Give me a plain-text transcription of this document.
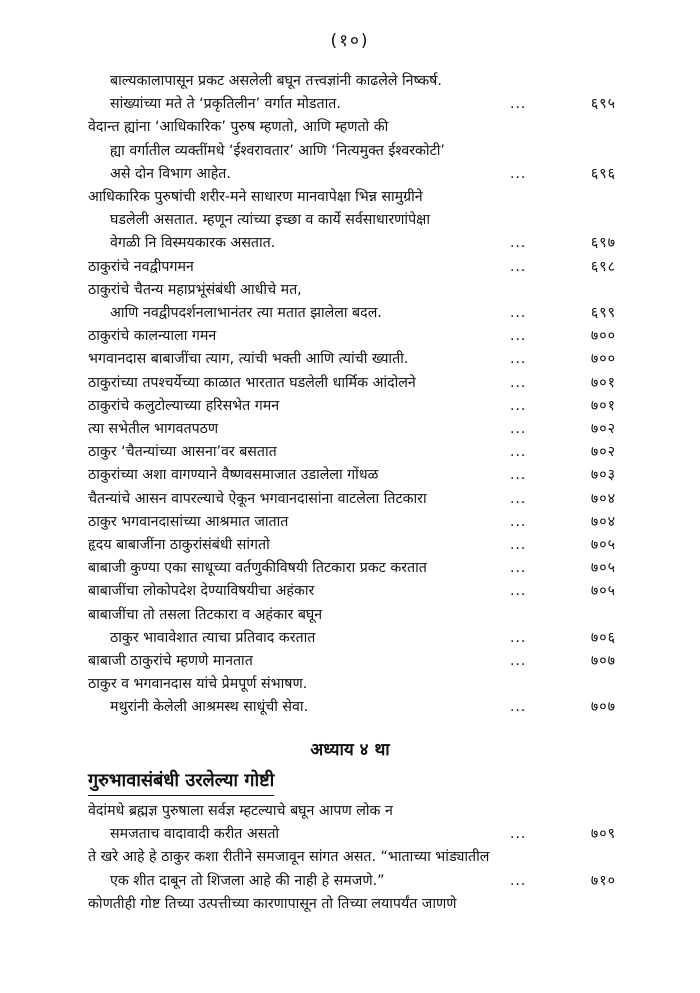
(१०)
बाल्यकालापासून प्रकट असलेली बघून तत्त्वज्ञांनी काढलेले निष्कर्ष.
सांख्यांच्या मते ते ‘प्रकृतिलीन’ वर्गात मोडतात.	...	६९५
वेदान्त ह्यांना ‘आधिकारिक’ पुरुष म्हणतो, आणि म्हणतो की
ह्या वर्गातील व्यक्तींमधे ‘ईश्वरावतार’ आणि ‘नित्यमुक्त ईश्वरकोटी’
असे दोन विभाग आहेत.	...	६९६
आधिकारिक पुरुषांची शरीर-मने साधारण मानवापेक्षा भिन्न सामुग्रीने
घडलेली असतात. म्हणून त्यांच्या इच्छा व कार्ये सर्वसाधारणांपेक्षा
वेगळी नि विस्मयकारक असतात.	...	६९७
ठाकुरांचे नवद्वीपगमन	...	६९८
ठाकुरांचे चैतन्य महाप्रभूंसंबंधी आधीचे मत,
आणि नवद्वीपदर्शनलाभानंतर त्या मतात झालेला बदल.	...	६९९
ठाकुरांचे कालन्याला गमन	...	७००
भगवानदास बाबाजींचा त्याग, त्यांची भक्ती आणि त्यांची ख्याती.	...	७००
ठाकुरांच्या तपश्चर्येच्या काळात भारतात घडलेली धार्मिक आंदोलने	...	७०१
ठाकुरांचे कलुटोल्याच्या हरिसभेत गमन	...	७०१
त्या सभेतील भागवतपठण	...	७०२
ठाकुर ‘चैतन्यांच्या आसना’वर बसतात	...	७०२
ठाकुरांच्या अशा वागण्याने वैष्णवसमाजात उडालेला गोंधळ	...	७०३
चैतन्यांचे आसन वापरल्याचे ऐकून भगवानदासांना वाटलेला तिटकारा	...	७०४
ठाकुर भगवानदासांच्या आश्रमात जातात	...	७०४
हृदय बाबाजींना ठाकुरांसंबंधी सांगतो	...	७०५
बाबाजी कुण्या एका साधूच्या वर्तणुकीविषयी तिटकारा प्रकट करतात	...	७०५
बाबाजींचा लोकोपदेश देण्याविषयीचा अहंकार	...	७०५
बाबाजींचा तो तसला तिटकारा व अहंकार बघून
ठाकुर भावावेशात त्याचा प्रतिवाद करतात	...	७०६
बाबाजी ठाकुरांचे म्हणणे मानतात	...	७०७
ठाकुर व भगवानदास यांचे प्रेमपूर्ण संभाषण.
मथुरांनी केलेली आश्रमस्थ साधूंची सेवा.	...	७०७
अध्याय ४ था
गुरुभावासंबंधी उरलेल्या गोष्टी
वेदांमधे ब्रह्मज्ञ पुरुषाला सर्वज्ञ म्हटल्याचे बघून आपण लोक न
समजताच वादावादी करीत असतो	...	७०९
ते खरे आहे हे ठाकुर कशा रीतीने समजावून सांगत असत. “भाताच्या भांड्यातील
एक शीत दाबून तो शिजला आहे की नाही हे समजणे.”	...	७१०
कोणतीही गोष्ट तिच्या उत्पत्तीच्या कारणापासून तो तिच्या लयापर्यंत जाणणे
